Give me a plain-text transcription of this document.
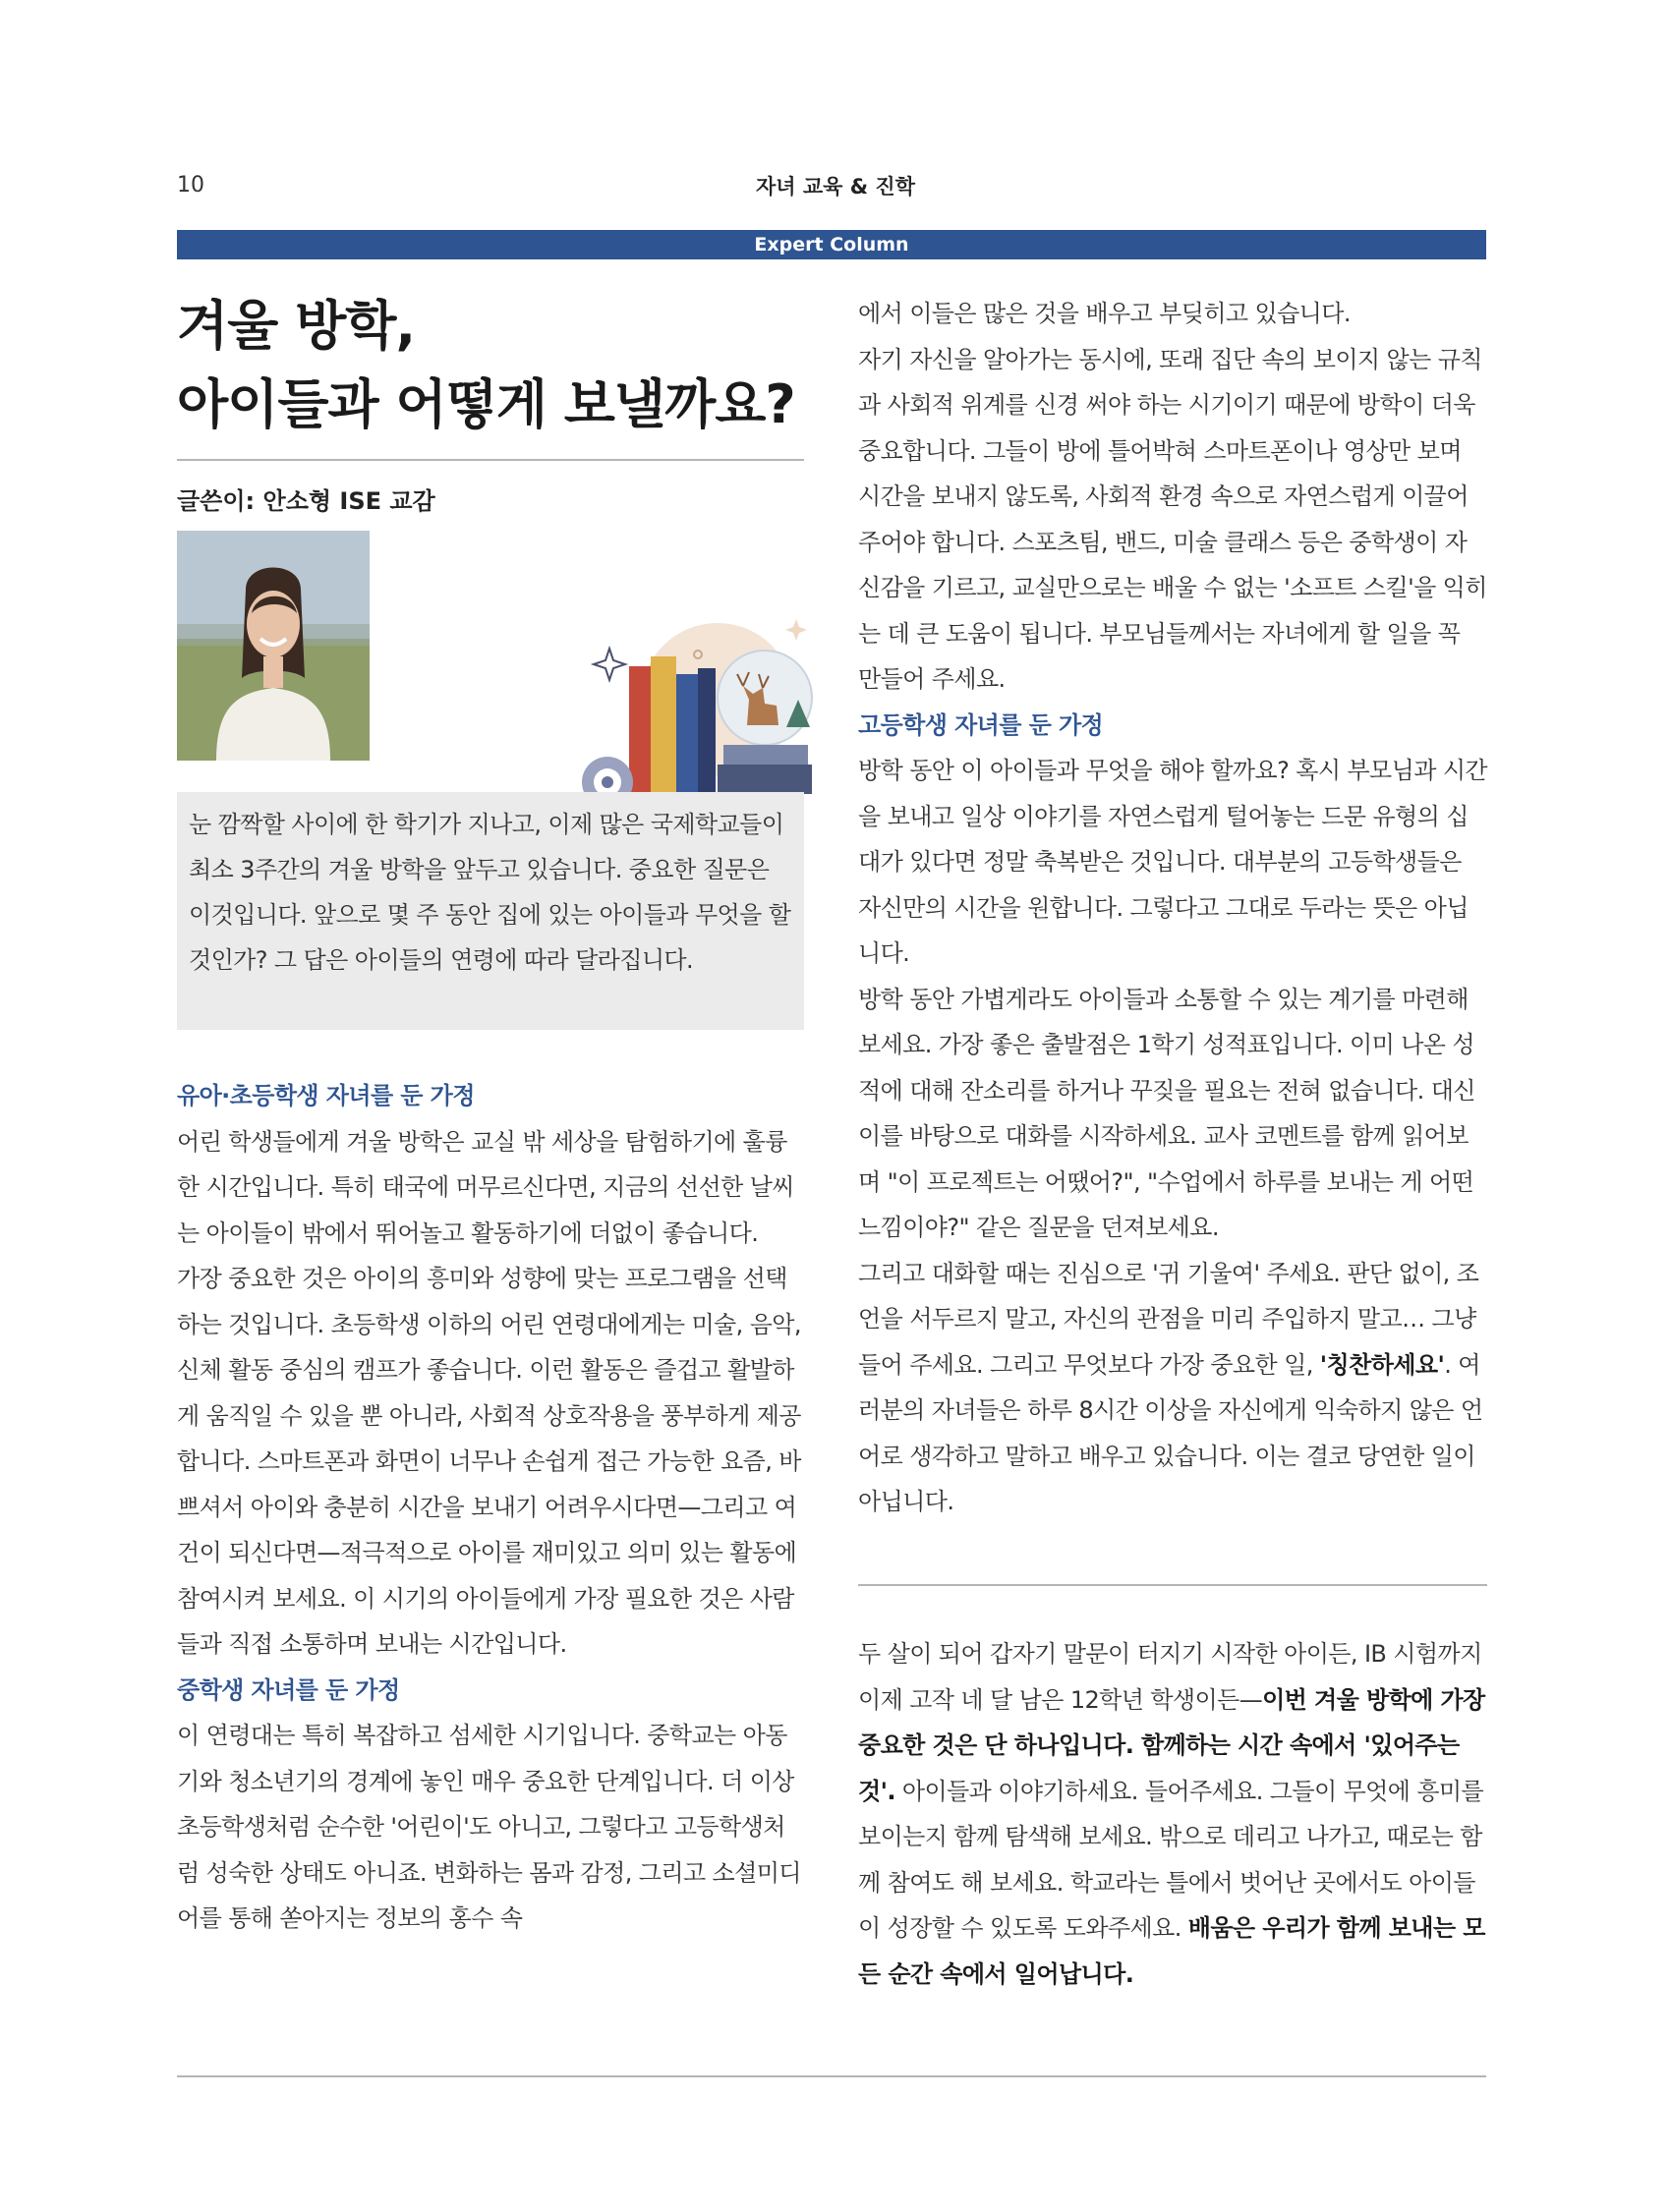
10	자녀 교육 & 진학
Expert Column
겨울 방학,
아이들과 어떻게 보낼까요?
글쓴이: 안소형 ISE 교감

눈 깜짝할 사이에 한 학기가 지나고, 이제 많은 국제학교들이 최소 3주간의 겨울 방학을 앞두고 있습니다. 중요한 질문은 이것입니다. 앞으로 몇 주 동안 집에 있는 아이들과 무엇을 할 것인가? 그 답은 아이들의 연령에 따라 달라집니다.

유아·초등학생 자녀를 둔 가정

어린 학생들에게 겨울 방학은 교실 밖 세상을 탐험하기에 훌륭한 시간입니다. 특히 태국에 머무르신다면, 지금의 선선한 날씨는 아이들이 밖에서 뛰어놀고 활동하기에 더없이 좋습니다.

가장 중요한 것은 아이의 흥미와 성향에 맞는 프로그램을 선택하는 것입니다. 초등학생 이하의 어린 연령대에게는 미술, 음악, 신체 활동 중심의 캠프가 좋습니다. 이런 활동은 즐겁고 활발하게 움직일 수 있을 뿐 아니라, 사회적 상호작용을 풍부하게 제공합니다. 스마트폰과 화면이 너무나 손쉽게 접근 가능한 요즘, 바쁘셔서 아이와 충분히 시간을 보내기 어려우시다면—그리고 여건이 되신다면—적극적으로 아이를 재미있고 의미 있는 활동에 참여시켜 보세요. 이 시기의 아이들에게 가장 필요한 것은 사람들과 직접 소통하며 보내는 시간입니다.

중학생 자녀를 둔 가정

이 연령대는 특히 복잡하고 섬세한 시기입니다. 중학교는 아동기와 청소년기의 경계에 놓인 매우 중요한 단계입니다. 더 이상 초등학생처럼 순수한 '어린이'도 아니고, 그렇다고 고등학생처럼 성숙한 상태도 아니죠. 변화하는 몸과 감정, 그리고 소셜미디어를 통해 쏟아지는 정보의 홍수 속

에서 이들은 많은 것을 배우고 부딪히고 있습니다.

자기 자신을 알아가는 동시에, 또래 집단 속의 보이지 않는 규칙과 사회적 위계를 신경 써야 하는 시기이기 때문에 방학이 더욱 중요합니다. 그들이 방에 틀어박혀 스마트폰이나 영상만 보며 시간을 보내지 않도록, 사회적 환경 속으로 자연스럽게 이끌어주어야 합니다. 스포츠팀, 밴드, 미술 클래스 등은 중학생이 자신감을 기르고, 교실만으로는 배울 수 없는 '소프트 스킬'을 익히는 데 큰 도움이 됩니다. 부모님들께서는 자녀에게 할 일을 꼭 만들어 주세요.

고등학생 자녀를 둔 가정

방학 동안 이 아이들과 무엇을 해야 할까요? 혹시 부모님과 시간을 보내고 일상 이야기를 자연스럽게 털어놓는 드문 유형의 십대가 있다면 정말 축복받은 것입니다. 대부분의 고등학생들은 자신만의 시간을 원합니다. 그렇다고 그대로 두라는 뜻은 아닙니다.

방학 동안 가볍게라도 아이들과 소통할 수 있는 계기를 마련해 보세요. 가장 좋은 출발점은 1학기 성적표입니다. 이미 나온 성적에 대해 잔소리를 하거나 꾸짖을 필요는 전혀 없습니다. 대신 이를 바탕으로 대화를 시작하세요. 교사 코멘트를 함께 읽어보며 "이 프로젝트는 어땠어?", "수업에서 하루를 보내는 게 어떤 느낌이야?" 같은 질문을 던져보세요.

그리고 대화할 때는 진심으로 '귀 기울여' 주세요. 판단 없이, 조언을 서두르지 말고, 자신의 관점을 미리 주입하지 말고… 그냥 들어 주세요. 그리고 무엇보다 가장 중요한 일, '칭찬하세요'. 여러분의 자녀들은 하루 8시간 이상을 자신에게 익숙하지 않은 언어로 생각하고 말하고 배우고 있습니다. 이는 결코 당연한 일이 아닙니다.

두 살이 되어 갑자기 말문이 터지기 시작한 아이든, IB 시험까지 이제 고작 네 달 남은 12학년 학생이든—이번 겨울 방학에 가장 중요한 것은 단 하나입니다. 함께하는 시간 속에서 '있어주는 것'. 아이들과 이야기하세요. 들어주세요. 그들이 무엇에 흥미를 보이는지 함께 탐색해 보세요. 밖으로 데리고 나가고, 때로는 함께 참여도 해 보세요. 학교라는 틀에서 벗어난 곳에서도 아이들이 성장할 수 있도록 도와주세요. 배움은 우리가 함께 보내는 모든 순간 속에서 일어납니다.
